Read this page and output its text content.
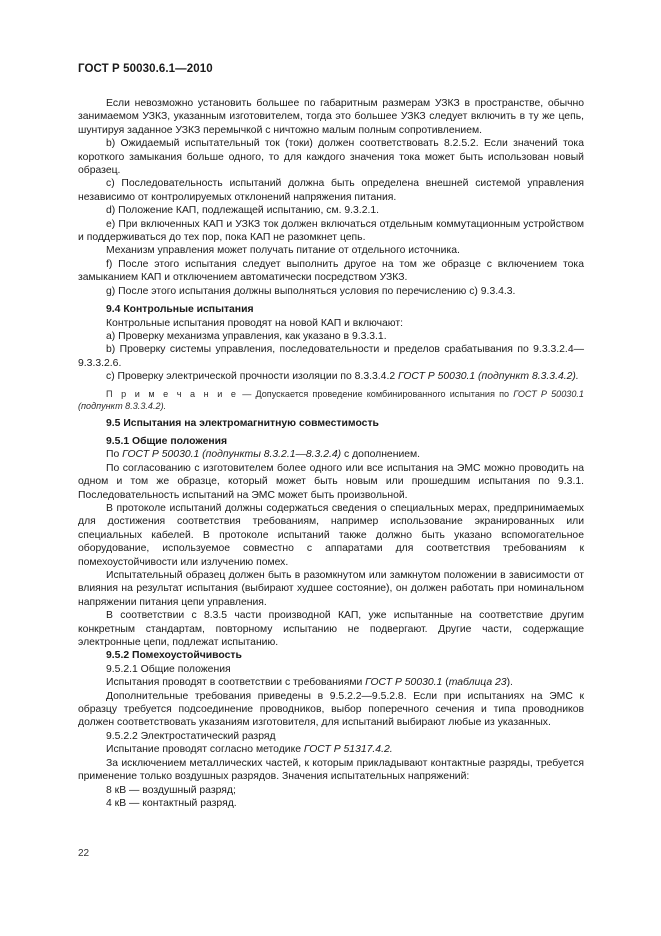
ГОСТ Р 50030.6.1—2010

Если невозможно установить большее по габаритным размерам УЗКЗ в пространстве, обычно занимаемом УЗКЗ, указанным изготовителем, тогда это большее УЗКЗ следует включить в ту же цепь, шунтируя заданное УЗКЗ перемычкой с ничтожно малым полным сопротивлением.

b) Ожидаемый испытательный ток (токи) должен соответствовать 8.2.5.2. Если значений тока короткого замыкания больше одного, то для каждого значения тока может быть использован новый образец.

c) Последовательность испытаний должна быть определена внешней системой управления независимо от контролируемых отклонений напряжения питания.

d) Положение КАП, подлежащей испытанию, см. 9.3.2.1.

e) При включенных КАП и УЗКЗ ток должен включаться отдельным коммутационным устройством и поддерживаться до тех пор, пока КАП не разомкнет цепь.

Механизм управления может получать питание от отдельного источника.

f) После этого испытания следует выполнить другое на том же образце с включением тока замыканием КАП и отключением автоматически посредством УЗКЗ.

g) После этого испытания должны выполняться условия по перечислению c) 9.3.4.3.

9.4 Контрольные испытания

Контрольные испытания проводят на новой КАП и включают:

a) Проверку механизма управления, как указано в 9.3.3.1.

b) Проверку системы управления, последовательности и пределов срабатывания по 9.3.3.2.4—9.3.3.2.6.

c) Проверку электрической прочности изоляции по 8.3.3.4.2 ГОСТ Р 50030.1 (подпункт 8.3.3.4.2).

П р и м е ч а н и е — Допускается проведение комбинированного испытания по ГОСТ Р 50030.1 (подпункт 8.3.3.4.2).

9.5 Испытания на электромагнитную совместимость

9.5.1 Общие положения

По ГОСТ Р 50030.1 (подпункты 8.3.2.1—8.3.2.4) с дополнением.

По согласованию с изготовителем более одного или все испытания на ЭМС можно проводить на одном и том же образце, который может быть новым или прошедшим испытания по 9.3.1. Последовательность испытаний на ЭМС может быть произвольной.

В протоколе испытаний должны содержаться сведения о специальных мерах, предпринимаемых для достижения соответствия требованиям, например использование экранированных или специальных кабелей. В протоколе испытаний также должно быть указано вспомогательное оборудование, используемое совместно с аппаратами для соответствия требованиям к помехоустойчивости или излучению помех.

Испытательный образец должен быть в разомкнутом или замкнутом положении в зависимости от влияния на результат испытания (выбирают худшее состояние), он должен работать при номинальном напряжении питания цепи управления.

В соответствии с 8.3.5 части производной КАП, уже испытанные на соответствие другим конкретным стандартам, повторному испытанию не подвергают. Другие части, содержащие электронные цепи, подлежат испытанию.

9.5.2 Помехоустойчивость

9.5.2.1 Общие положения

Испытания проводят в соответствии с требованиями ГОСТ Р 50030.1 (таблица 23).

Дополнительные требования приведены в 9.5.2.2—9.5.2.8. Если при испытаниях на ЭМС к образцу требуется подсоединение проводников, выбор поперечного сечения и типа проводников должен соответствовать указаниям изготовителя, для испытаний выбирают любые из указанных.

9.5.2.2 Электростатический разряд

Испытание проводят согласно методике ГОСТ Р 51317.4.2.

За исключением металлических частей, к которым прикладывают контактные разряды, требуется применение только воздушных разрядов. Значения испытательных напряжений:

8 кВ — воздушный разряд;

4 кВ — контактный разряд.

22
